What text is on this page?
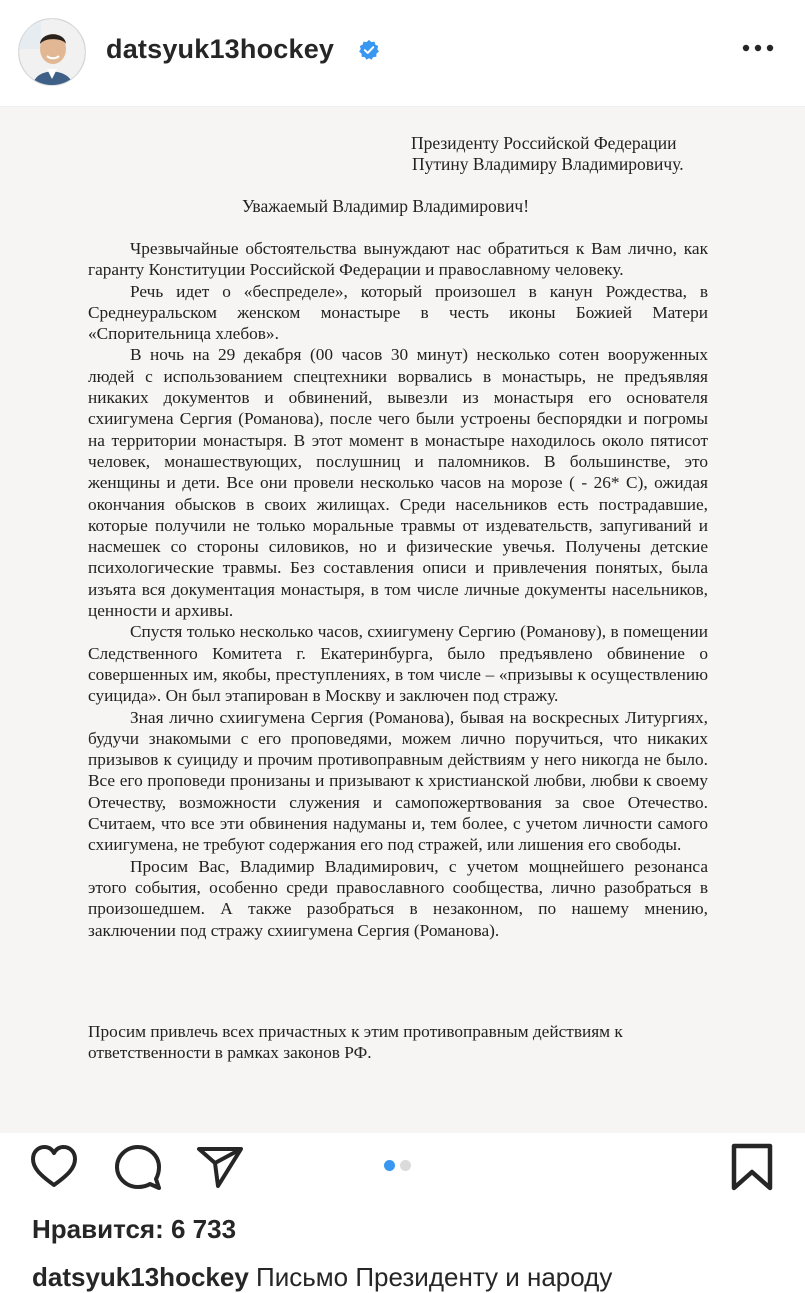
datsyuk13hockey
Президенту Российской Федерации
Путину Владимиру Владимировичу.
Уважаемый Владимир Владимирович!

Чрезвычайные обстоятельства вынуждают нас обратиться к Вам лично, как гаранту Конституции Российской Федерации и православному человеку.

Речь идет о «беспределе», который произошел в канун Рождества, в Среднеуральском женском монастыре в честь иконы Божией Матери «Спорительница хлебов».

В ночь на 29 декабря (00 часов 30 минут) несколько сотен вооруженных людей с использованием спецтехники ворвались в монастырь, не предъявляя никаких документов и обвинений, вывезли из монастыря его основателя схиигумена Сергия (Романова), после чего были устроены беспорядки и погромы на территории монастыря. В этот момент в монастыре находилось около пятисот человек, монашествующих, послушниц и паломников. В большинстве, это женщины и дети. Все они провели несколько часов на морозе ( - 26* С), ожидая окончания обысков в своих жилищах. Среди насельников есть пострадавшие, которые получили не только моральные травмы от издевательств, запугиваний и насмешек со стороны силовиков, но и физические увечья. Получены детские психологические травмы. Без составления описи и привлечения понятых, была изъята вся документация монастыря, в том числе личные документы насельников, ценности и архивы.

Спустя только несколько часов, схиигумену Сергию (Романову), в помещении Следственного Комитета г. Екатеринбурга, было предъявлено обвинение о совершенных им, якобы, преступлениях, в том числе – «призывы к осуществлению суицида». Он был этапирован в Москву и заключен под стражу.

Зная лично схиигумена Сергия (Романова), бывая на воскресных Литургиях, будучи знакомыми с его проповедями, можем лично поручиться, что никаких призывов к суициду и прочим противоправным действиям у него никогда не было. Все его проповеди пронизаны и призывают к христианской любви, любви к своему Отечеству, возможности служения и самопожертвования за свое Отечество. Считаем, что все эти обвинения надуманы и, тем более, с учетом личности самого схиигумена, не требуют содержания его под стражей, или лишения его свободы.

Просим Вас, Владимир Владимирович, с учетом мощнейшего резонанса этого события, особенно среди православного сообщества, лично разобраться в произошедшем. А также разобраться в незаконном, по нашему мнению, заключении под стражу схиигумена Сергия (Романова).

Просим привлечь всех причастных к этим противоправным действиям к ответственности в рамках законов РФ.
Нравится: 6 733
datsyuk13hockey Письмо Президенту и народу
